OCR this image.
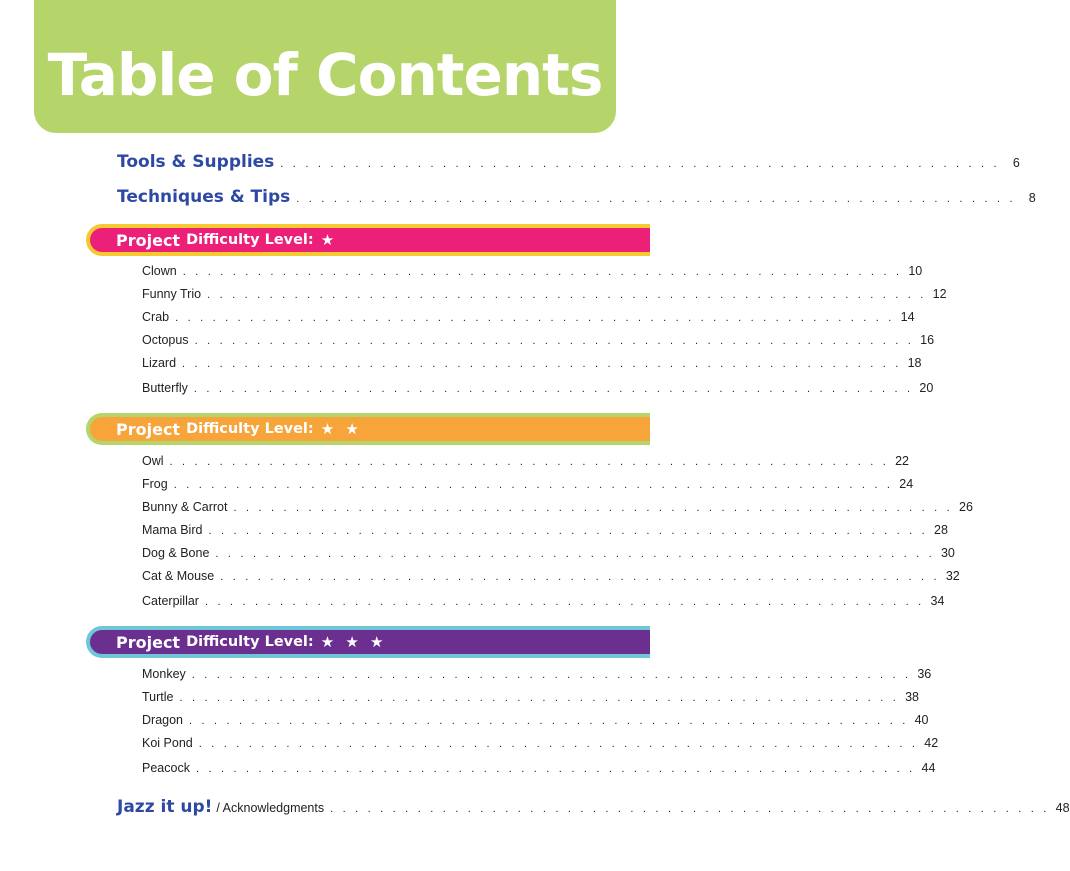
Table of Contents
Tools & Supplies . . . . . . . . . . . . . . . . . . . . . . . . . . . . . . . . . . . . . . . . . . . . . . . . . . . . . . . . . .	6
Techniques & Tips . . . . . . . . . . . . . . . . . . . . . . . . . . . . . . . . . . . . . . . . . . . . . . . . . . . . . . . . . .	8
Project Difficulty Level: ★
Clown . . . . . . . . . . . . . . . . . . . . . . . . . . . . . . . . . . . . . . . . . . . . . . . . . . . . . . . . . . 10
Funny Trio . . . . . . . . . . . . . . . . . . . . . . . . . . . . . . . . . . . . . . . . . . . . . . . . . . . . . . . . . . 12
Crab . . . . . . . . . . . . . . . . . . . . . . . . . . . . . . . . . . . . . . . . . . . . . . . . . . . . . . . . . . 14
Octopus . . . . . . . . . . . . . . . . . . . . . . . . . . . . . . . . . . . . . . . . . . . . . . . . . . . . . . . . . . 16
Lizard . . . . . . . . . . . . . . . . . . . . . . . . . . . . . . . . . . . . . . . . . . . . . . . . . . . . . . . . . . 18
Butterfly . . . . . . . . . . . . . . . . . . . . . . . . . . . . . . . . . . . . . . . . . . . . . . . . . . . . . . . . . . 20
Project Difficulty Level: ★ ★
Owl . . . . . . . . . . . . . . . . . . . . . . . . . . . . . . . . . . . . . . . . . . . . . . . . . . . . . . . . . . 22
Frog . . . . . . . . . . . . . . . . . . . . . . . . . . . . . . . . . . . . . . . . . . . . . . . . . . . . . . . . . . 24
Bunny & Carrot . . . . . . . . . . . . . . . . . . . . . . . . . . . . . . . . . . . . . . . . . . . . . . . . . . . . . . . . . . 26
Mama Bird . . . . . . . . . . . . . . . . . . . . . . . . . . . . . . . . . . . . . . . . . . . . . . . . . . . . . . . . . . 28
Dog & Bone . . . . . . . . . . . . . . . . . . . . . . . . . . . . . . . . . . . . . . . . . . . . . . . . . . . . . . . . . . 30
Cat & Mouse . . . . . . . . . . . . . . . . . . . . . . . . . . . . . . . . . . . . . . . . . . . . . . . . . . . . . . . . . . 32
Caterpillar . . . . . . . . . . . . . . . . . . . . . . . . . . . . . . . . . . . . . . . . . . . . . . . . . . . . . . . . . . 34
Project Difficulty Level: ★ ★ ★
Monkey . . . . . . . . . . . . . . . . . . . . . . . . . . . . . . . . . . . . . . . . . . . . . . . . . . . . . . . . . . 36
Turtle . . . . . . . . . . . . . . . . . . . . . . . . . . . . . . . . . . . . . . . . . . . . . . . . . . . . . . . . . . 38
Dragon . . . . . . . . . . . . . . . . . . . . . . . . . . . . . . . . . . . . . . . . . . . . . . . . . . . . . . . . . . 40
Koi Pond . . . . . . . . . . . . . . . . . . . . . . . . . . . . . . . . . . . . . . . . . . . . . . . . . . . . . . . . . . 42
Peacock . . . . . . . . . . . . . . . . . . . . . . . . . . . . . . . . . . . . . . . . . . . . . . . . . . . . . . . . . . 44
Jazz it up! / Acknowledgments . . . . . . . . . . . . . . . . . . . . . . . . . . . . . . . . . . . . . . . . . . . . . . . . . . . . . . . . . . 48
